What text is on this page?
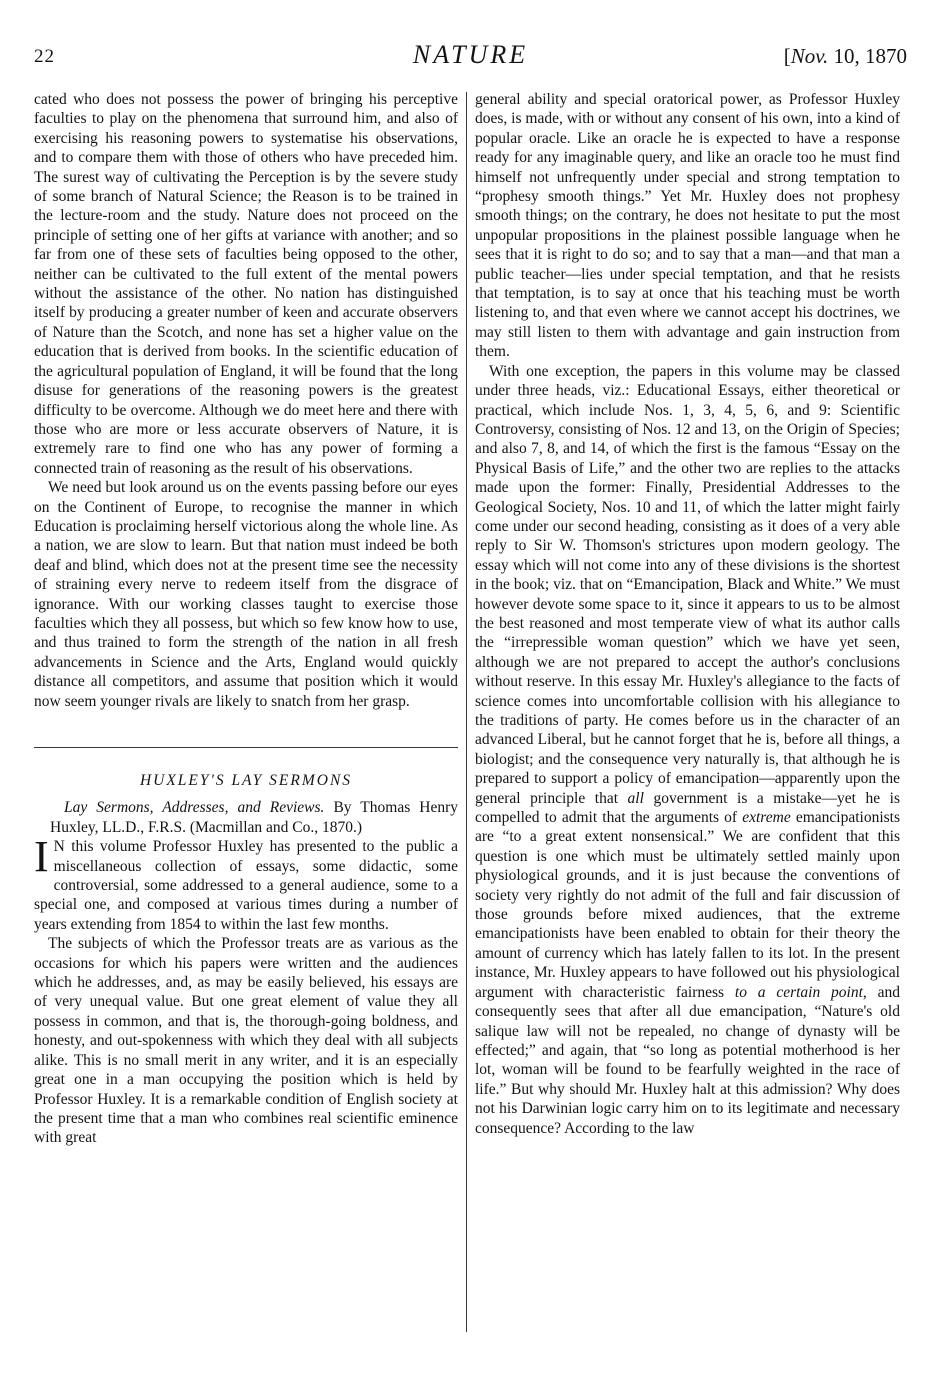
22	NATURE	[Nov. 10, 1870

cated who does not possess the power of bringing his perceptive faculties to play on the phenomena that surround him, and also of exercising his reasoning powers to systematise his observations, and to compare them with those of others who have preceded him. The surest way of cultivating the Perception is by the severe study of some branch of Natural Science; the Reason is to be trained in the lecture-room and the study. Nature does not proceed on the principle of setting one of her gifts at variance with another; and so far from one of these sets of faculties being opposed to the other, neither can be cultivated to the full extent of the mental powers without the assistance of the other. No nation has distinguished itself by producing a greater number of keen and accurate observers of Nature than the Scotch, and none has set a higher value on the education that is derived from books. In the scientific education of the agricultural population of England, it will be found that the long disuse for generations of the reasoning powers is the greatest difficulty to be overcome. Although we do meet here and there with those who are more or less accurate observers of Nature, it is extremely rare to find one who has any power of forming a connected train of reasoning as the result of his observations.

We need but look around us on the events passing before our eyes on the Continent of Europe, to recognise the manner in which Education is proclaiming herself victorious along the whole line. As a nation, we are slow to learn. But that nation must indeed be both deaf and blind, which does not at the present time see the necessity of straining every nerve to redeem itself from the disgrace of ignorance. With our working classes taught to exercise those faculties which they all possess, but which so few know how to use, and thus trained to form the strength of the nation in all fresh advancements in Science and the Arts, England would quickly distance all competitors, and assume that position which it would now seem younger rivals are likely to snatch from her grasp.

HUXLEY'S LAY SERMONS

Lay Sermons, Addresses, and Reviews. By Thomas Henry Huxley, LL.D., F.R.S. (Macmillan and Co., 1870.)

I N this volume Professor Huxley has presented to the public a miscellaneous collection of essays, some didactic, some controversial, some addressed to a general audience, some to a special one, and composed at various times during a number of years extending from 1854 to within the last few months.

The subjects of which the Professor treats are as various as the occasions for which his papers were written and the audiences which he addresses, and, as may be easily believed, his essays are of very unequal value. But one great element of value they all possess in common, and that is, the thorough-going boldness, and honesty, and out-spokenness with which they deal with all subjects alike. This is no small merit in any writer, and it is an especially great one in a man occupying the position which is held by Professor Huxley. It is a remarkable condition of English society at the present time that a man who combines real scientific eminence with great

general ability and special oratorical power, as Professor Huxley does, is made, with or without any consent of his own, into a kind of popular oracle. Like an oracle he is expected to have a response ready for any imaginable query, and like an oracle too he must find himself not unfrequently under special and strong temptation to “prophesy smooth things.” Yet Mr. Huxley does not prophesy smooth things; on the contrary, he does not hesitate to put the most unpopular propositions in the plainest possible language when he sees that it is right to do so; and to say that a man—and that man a public teacher—lies under special temptation, and that he resists that temptation, is to say at once that his teaching must be worth listening to, and that even where we cannot accept his doctrines, we may still listen to them with advantage and gain instruction from them.

With one exception, the papers in this volume may be classed under three heads, viz.: Educational Essays, either theoretical or practical, which include Nos. 1, 3, 4, 5, 6, and 9: Scientific Controversy, consisting of Nos. 12 and 13, on the Origin of Species; and also 7, 8, and 14, of which the first is the famous “Essay on the Physical Basis of Life,” and the other two are replies to the attacks made upon the former: Finally, Presidential Addresses to the Geological Society, Nos. 10 and 11, of which the latter might fairly come under our second heading, consisting as it does of a very able reply to Sir W. Thomson's strictures upon modern geology. The essay which will not come into any of these divisions is the shortest in the book; viz. that on “Emancipation, Black and White.” We must however devote some space to it, since it appears to us to be almost the best reasoned and most temperate view of what its author calls the “irrepressible woman question” which we have yet seen, although we are not prepared to accept the author's conclusions without reserve. In this essay Mr. Huxley's allegiance to the facts of science comes into uncomfortable collision with his allegiance to the traditions of party. He comes before us in the character of an advanced Liberal, but he cannot forget that he is, before all things, a biologist; and the consequence very naturally is, that although he is prepared to support a policy of emancipation—apparently upon the general principle that all government is a mistake—yet he is compelled to admit that the arguments of extreme emancipationists are “to a great extent nonsensical.” We are confident that this question is one which must be ultimately settled mainly upon physiological grounds, and it is just because the conventions of society very rightly do not admit of the full and fair discussion of those grounds before mixed audiences, that the extreme emancipationists have been enabled to obtain for their theory the amount of currency which has lately fallen to its lot. In the present instance, Mr. Huxley appears to have followed out his physiological argument with characteristic fairness to a certain point, and consequently sees that after all due emancipation, “Nature's old salique law will not be repealed, no change of dynasty will be effected;” and again, that “so long as potential motherhood is her lot, woman will be found to be fearfully weighted in the race of life.” But why should Mr. Huxley halt at this admission? Why does not his Darwinian logic carry him on to its legitimate and necessary consequence? According to the law
